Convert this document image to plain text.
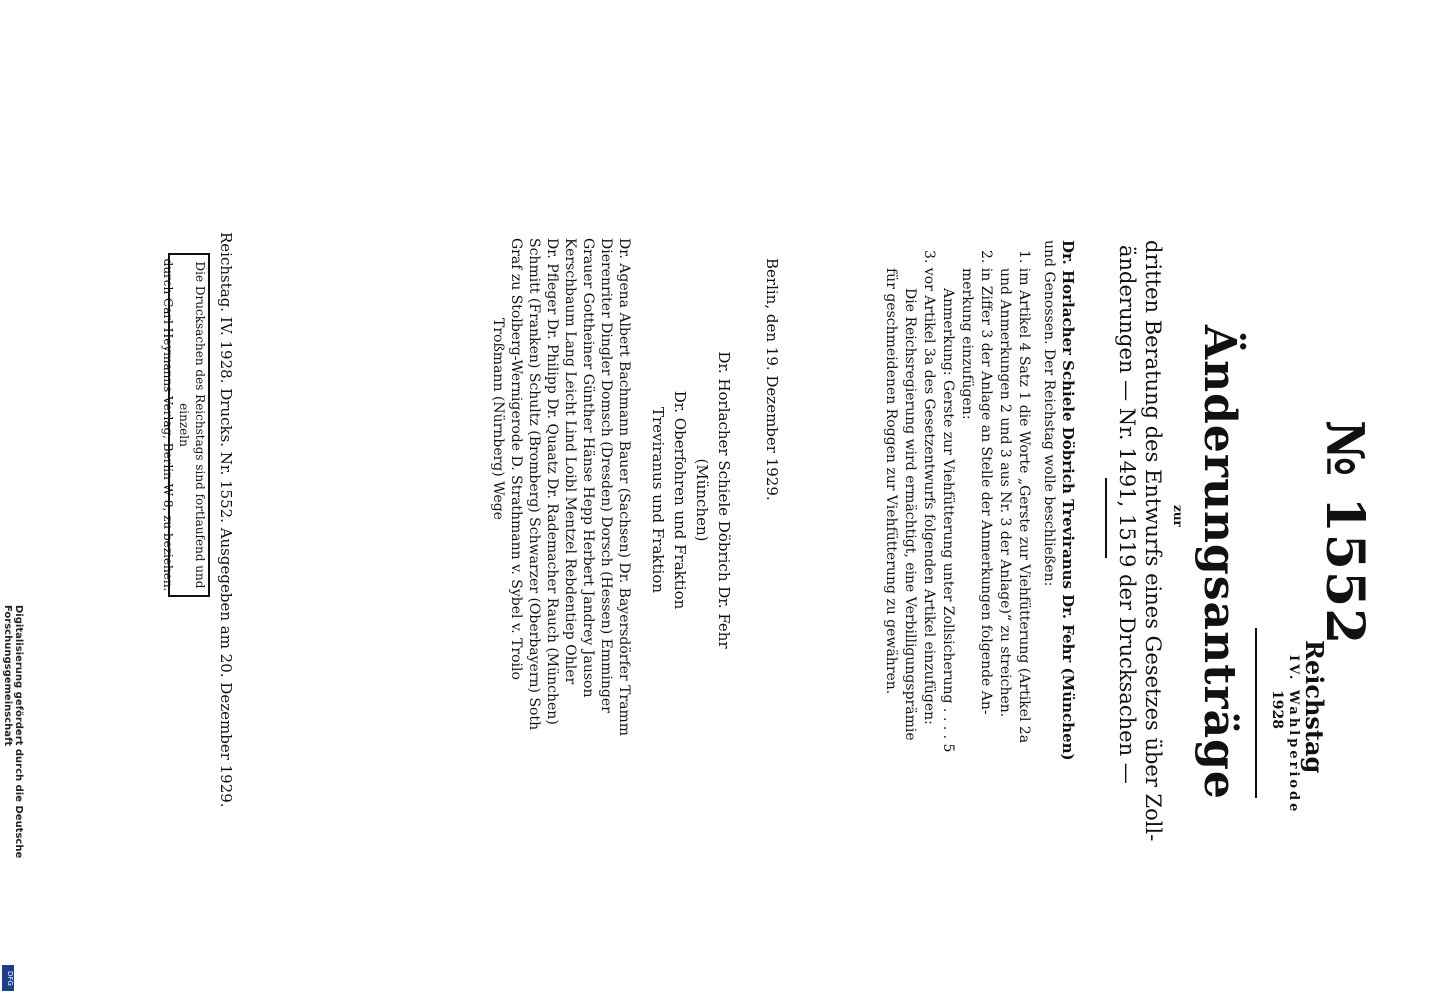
№ 1552
Reichstag
IV. Wahlperiode
1928
Änderungsanträge
zur
dritten Beratung des Entwurfs eines Gesetzes über Zoll-
änderungen — Nr. 1491, 1519 der Drucksachen —
Dr. Horlacher Schiele Döbrich Treviranus Dr. Fehr (München)
und Genossen. Der Reichstag wolle beschließen:
1. im Artikel 4 Satz 1 die Worte „Gerste zur Viehfütterung (Artikel 2a
und Anmerkungen 2 und 3 aus Nr. 3 der Anlage)“ zu streichen.
2. in Ziffer 3 der Anlage an Stelle der Anmerkungen folgende An-
merkung einzufügen:
Anmerkung: Gerste zur Viehfütterung unter Zollsicherung . . . . 5
3. vor Artikel 3a des Gesetzentwurfs folgenden Artikel einzufügen:
Die Reichsregierung wird ermächtigt, eine Verbilligungsprämie
für geschmeidenen Roggen zur Viehfütterung zu gewähren.
Berlin, den 19. Dezember 1929.
Dr. Horlacher Schiele Döbrich Dr. Fehr (München)
Dr. Oberfohren und Fraktion
Treviranus und Fraktion
Dr. Agena Albert Bachmann Bauer (Sachsen) Dr. Bayersdörfer Tramm
Dierenriter Dingler Domsch (Dresden) Dorsch (Hessen) Emminger
Grauer Gottheiner Günther Hänse Hepp Herbert Jandrey Jauson
Kerschbaum Lang Leicht Lind Loibl Mentzel Rebdentiep Ohler
Dr. Pfleger Dr. Philipp Dr. Quaatz Dr. Rademacher Rauch (München)
Schmitt (Franken) Schultz (Bromberg) Schwarzer (Oberbayern) Soth
Graf zu Stolberg-Wernigerode D. Strathmann v. Sybel v. Troilo
Troßmann (Nürnberg) Wege
Reichstag. IV. 1928. Drucks. Nr. 1552. Ausgegeben am 20. Dezember 1929.
Die Drucksachen des Reichstags sind fortlaufend und einzeln
durch Carl Heymanns Verlag, Berlin W 8, zu beziehen.
Digitalisierung gefördert durch die Deutsche Forschungsgemeinschaft
DFG
